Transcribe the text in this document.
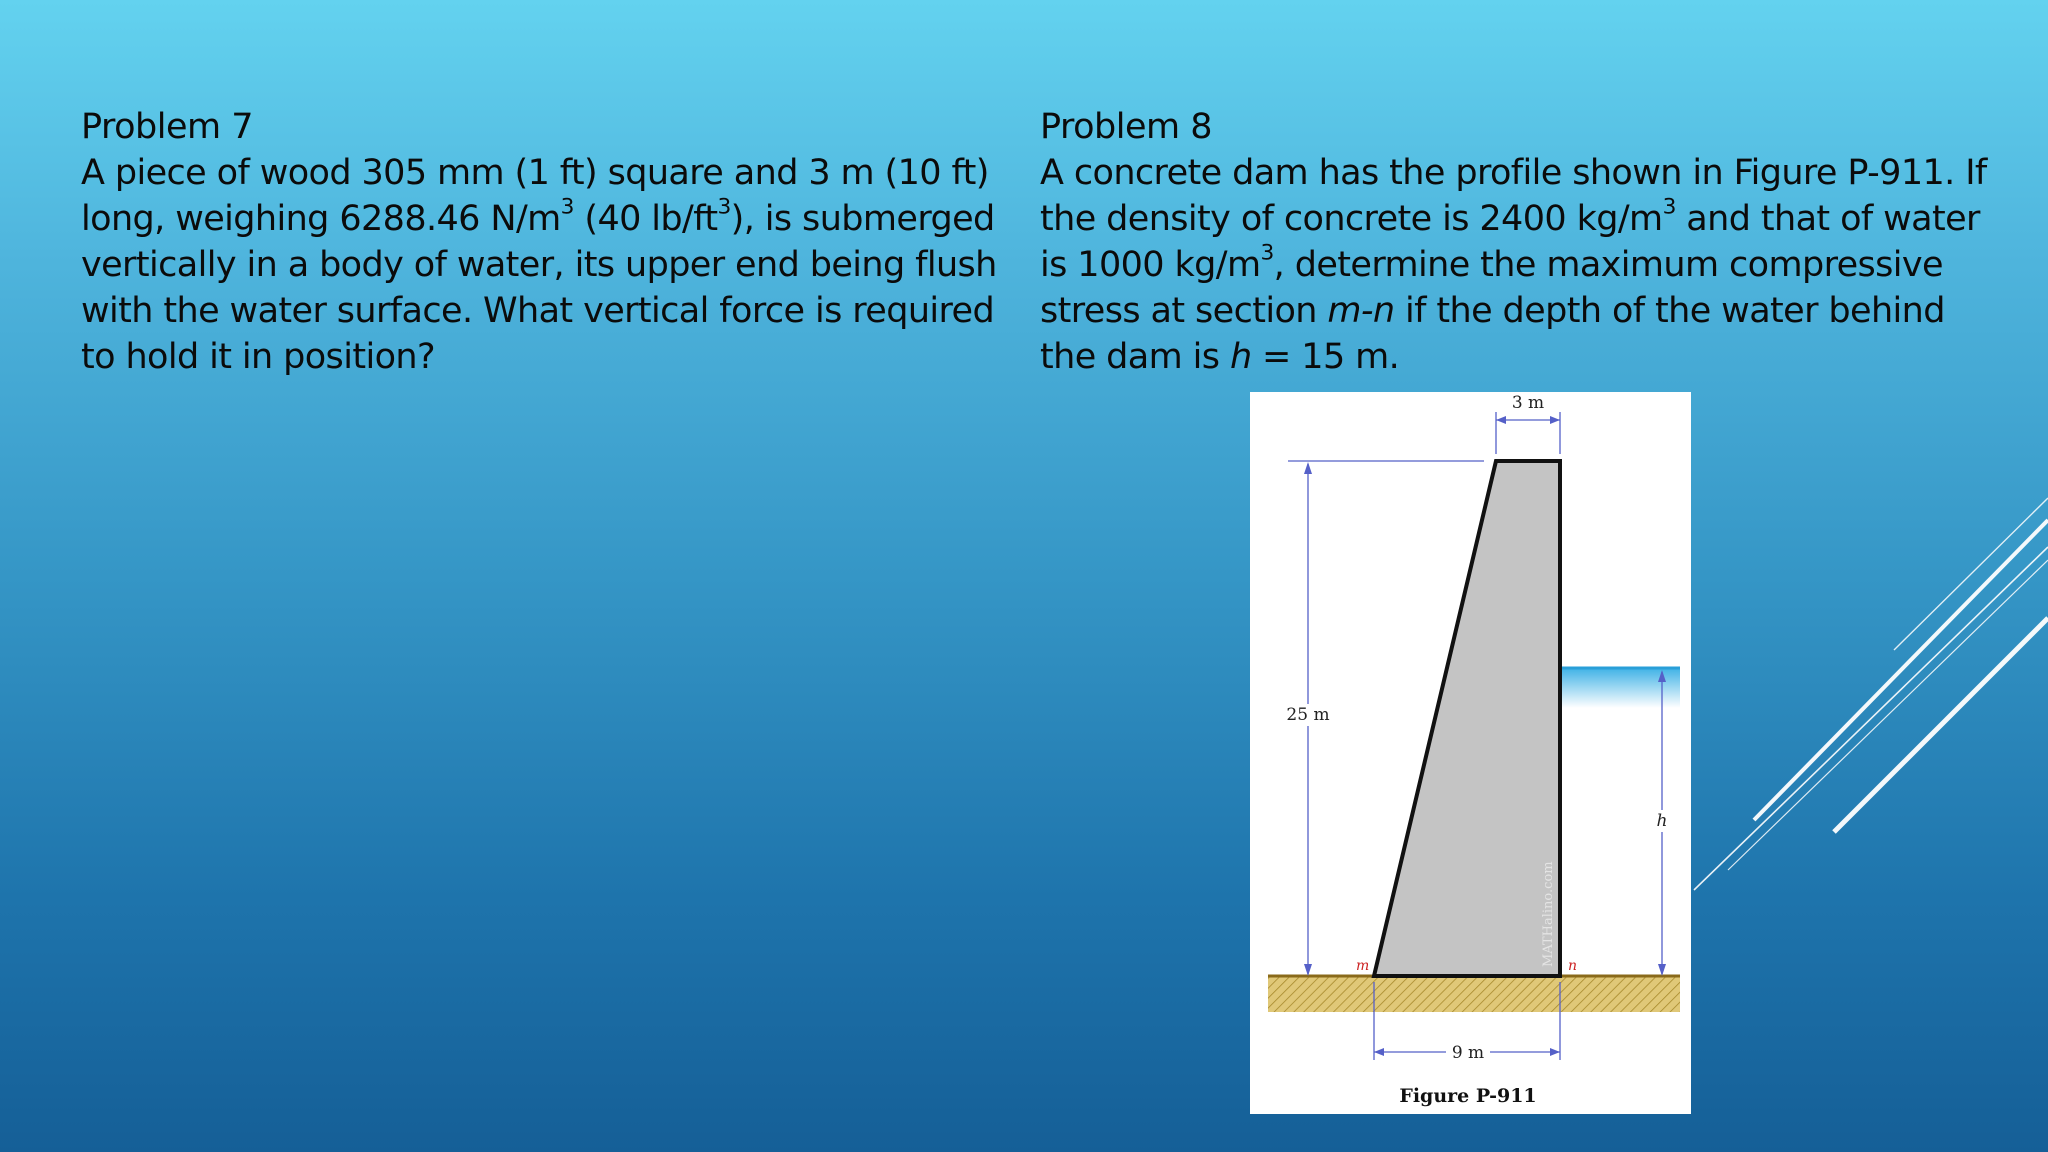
Problem 7
A piece of wood 305 mm (1 ft) square and 3 m (10 ft)
long, weighing 6288.46 $N/m^3$ (40 $lb/ft^3$), is submerged
vertically in a body of water, its upper end being flush
with the water surface. What vertical force is required
to hold it in position?
Problem 8
A concrete dam has the profile shown in Figure P-911. If
the density of concrete is 2400 $kg/m^3$ and that of water
is 1000 $kg/m^3$, determine the maximum compressive
stress at section m-n if the depth of the water behind
the dam is h = 15 m.
MATHalino.com
3 m
25 m
h
m	n
9 m
Figure P-911
